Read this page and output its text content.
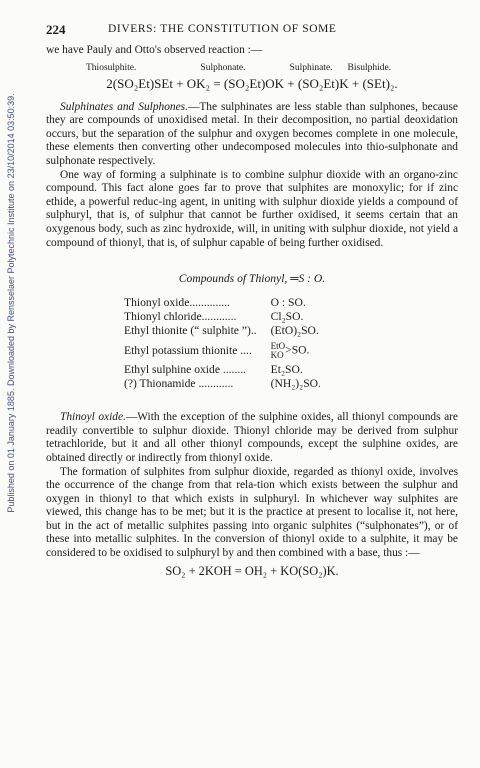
Published on 01 January 1885. Downloaded by Rensselaer Polytechnic Institute on 23/10/2014 03:50:39.
224	DIVERS: THE CONSTITUTION OF SOME

we have Pauly and Otto's observed reaction :—

Thiosulphite.	Sulphonate.	Sulphinate. Bisulphide.
2(SO₂Et)SEt + OK₂ = (SO₂Et)OK + (SO₂Et)K + (SEt)₂.

Sulphinates and Sulphones.—The sulphinates are less stable than sulphones, because they are compounds of unoxidised metal. In their decomposition, no partial deoxidation occurs, but the separation of the sulphur and oxygen becomes complete in one molecule, these elements then converting other undecomposed molecules into thio-sulphonate and sulphonate respectively.

One way of forming a sulphinate is to combine sulphur dioxide with an organo-zinc compound. This fact alone goes far to prove that sulphites are monoxylic; for if zinc ethide, a powerful reduc-ing agent, in uniting with sulphur dioxide yields a compound of sulphuryl, that is, of sulphur that cannot be further oxidised, it seems certain that an oxygenous body, such as zinc hydroxide, will, in uniting with sulphur dioxide, not yield a compound of thionyl, that is, of sulphur capable of being further oxidised.

Compounds of Thionyl, ═S : O.
Thionyl oxide..............	O : SO.
Thionyl chloride............	Cl₂SO.
Ethyl thionite (“ sulphite ”)..	(EtO)₂SO.
Ethyl potassium thionite ....	EtO
KO >SO.
Ethyl sulphine oxide ........	Et₂SO.
(?) Thionamide ............	(NH₂)₂SO.

Thinoyl oxide.—With the exception of the sulphine oxides, all thionyl compounds are readily convertible to sulphur dioxide. Thionyl chloride may be derived from sulphur tetrachloride, but it and all other thionyl compounds, except the sulphine oxides, are obtained directly or indirectly from thionyl oxide.

The formation of sulphites from sulphur dioxide, regarded as thionyl oxide, involves the occurrence of the change from that rela-tion which exists between the sulphur and oxygen in thionyl to that which exists in sulphuryl. In whichever way sulphites are viewed, this change has to be met; but it is the practice at present to localise it, not here, but in the act of metallic sulphites passing into organic sulphites (“sulphonates”), or of these into metallic sulphites. In the conversion of thionyl oxide to a sulphite, it may be considered to be oxidised to sulphuryl by and then combined with a base, thus :—

SO₂ + 2KOH = OH₂ + KO(SO₂)K.
